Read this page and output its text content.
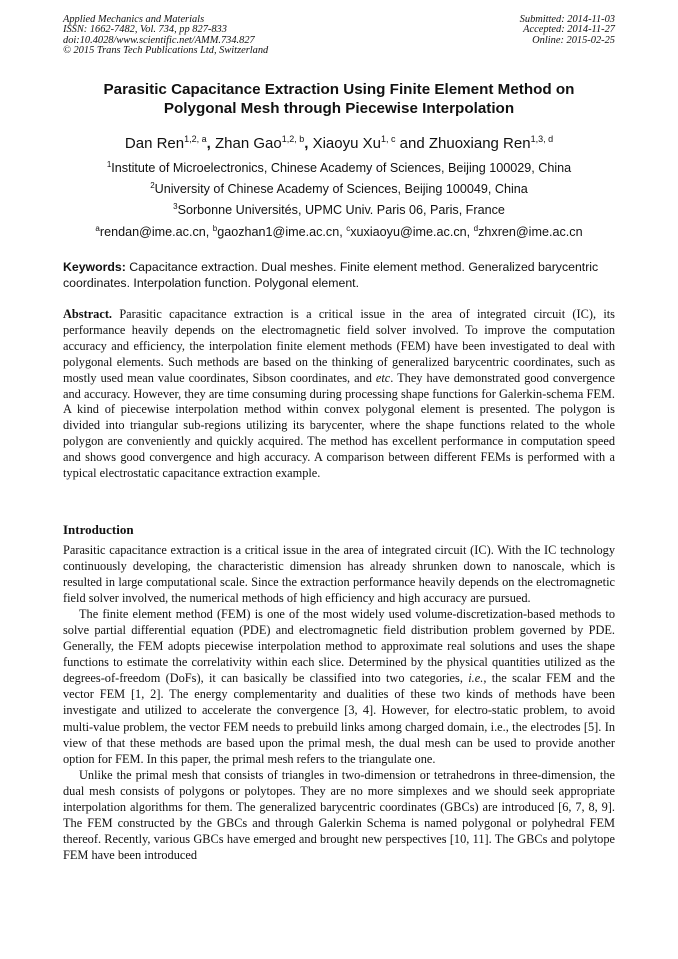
Applied Mechanics and Materials
ISSN: 1662-7482, Vol. 734, pp 827-833
doi:10.4028/www.scientific.net/AMM.734.827
© 2015 Trans Tech Publications Ltd, Switzerland
Submitted: 2014-11-03
Accepted: 2014-11-27
Online: 2015-02-25
Parasitic Capacitance Extraction Using Finite Element Method on
Polygonal Mesh through Piecewise Interpolation
Dan Ren$^{1,2, a}$, Zhan Gao$^{1,2, b}$, Xiaoyu Xu$^{1, c}$ and Zhuoxiang Ren$^{1,3, d}$
$^1$Institute of Microelectronics, Chinese Academy of Sciences, Beijing 100029, China
$^2$University of Chinese Academy of Sciences, Beijing 100049, China
$^3$Sorbonne Universités, UPMC Univ. Paris 06, Paris, France
$^a$rendan@ime.ac.cn, $^b$gaozhan1@ime.ac.cn, $^c$xuxiaoyu@ime.ac.cn, $^d$zhxren@ime.ac.cn
Keywords: Capacitance extraction. Dual meshes. Finite element method. Generalized barycentric coordinates. Interpolation function. Polygonal element.
Abstract. Parasitic capacitance extraction is a critical issue in the area of integrated circuit (IC), its performance heavily depends on the electromagnetic field solver involved. To improve the computation accuracy and efficiency, the interpolation finite element methods (FEM) have been investigated to deal with polygonal elements. Such methods are based on the thinking of generalized barycentric coordinates, such as mostly used mean value coordinates, Sibson coordinates, and etc. They have demonstrated good convergence and accuracy. However, they are time consuming during processing shape functions for Galerkin-schema FEM. A kind of piecewise interpolation method within convex polygonal element is presented. The polygon is divided into triangular sub-regions utilizing its barycenter, where the shape functions related to the whole polygon are conveniently and quickly acquired. The method has excellent performance in computation speed and shows good convergence and high accuracy. A comparison between different FEMs is performed with a typical electrostatic capacitance extraction example.
Introduction

Parasitic capacitance extraction is a critical issue in the area of integrated circuit (IC). With the IC technology continuously developing, the characteristic dimension has already shrunken down to nanoscale, which is resulted in large computational scale. Since the extraction performance heavily depends on the electromagnetic field solver involved, the numerical methods of high efficiency and high accuracy are pursued.

The finite element method (FEM) is one of the most widely used volume-discretization-based methods to solve partial differential equation (PDE) and electromagnetic field distribution problem governed by PDE. Generally, the FEM adopts piecewise interpolation method to approximate real solutions and uses the shape functions to estimate the correlativity within each slice. Determined by the physical quantities utilized as the degrees-of-freedom (DoFs), it can basically be classified into two categories, i.e., the scalar FEM and the vector FEM [1, 2]. The energy complementarity and dualities of these two kinds of methods have been investigate and utilized to accelerate the convergence [3, 4]. However, for electro-static problem, to avoid multi-value problem, the vector FEM needs to prebuild links among charged domain, i.e., the electrodes [5]. In view of that these methods are based upon the primal mesh, the dual mesh can be used to provide another option for FEM. In this paper, the primal mesh refers to the triangulate one.

Unlike the primal mesh that consists of triangles in two-dimension or tetrahedrons in three-dimension, the dual mesh consists of polygons or polytopes. They are no more simplexes and we should seek appropriate interpolation algorithms for them. The generalized barycentric coordinates (GBCs) are introduced [6, 7, 8, 9]. The FEM constructed by the GBCs and through Galerkin Schema is named polygonal or polyhedral FEM thereof. Recently, various GBCs have emerged and brought new perspectives [10, 11]. The GBCs and polytope FEM have been introduced
